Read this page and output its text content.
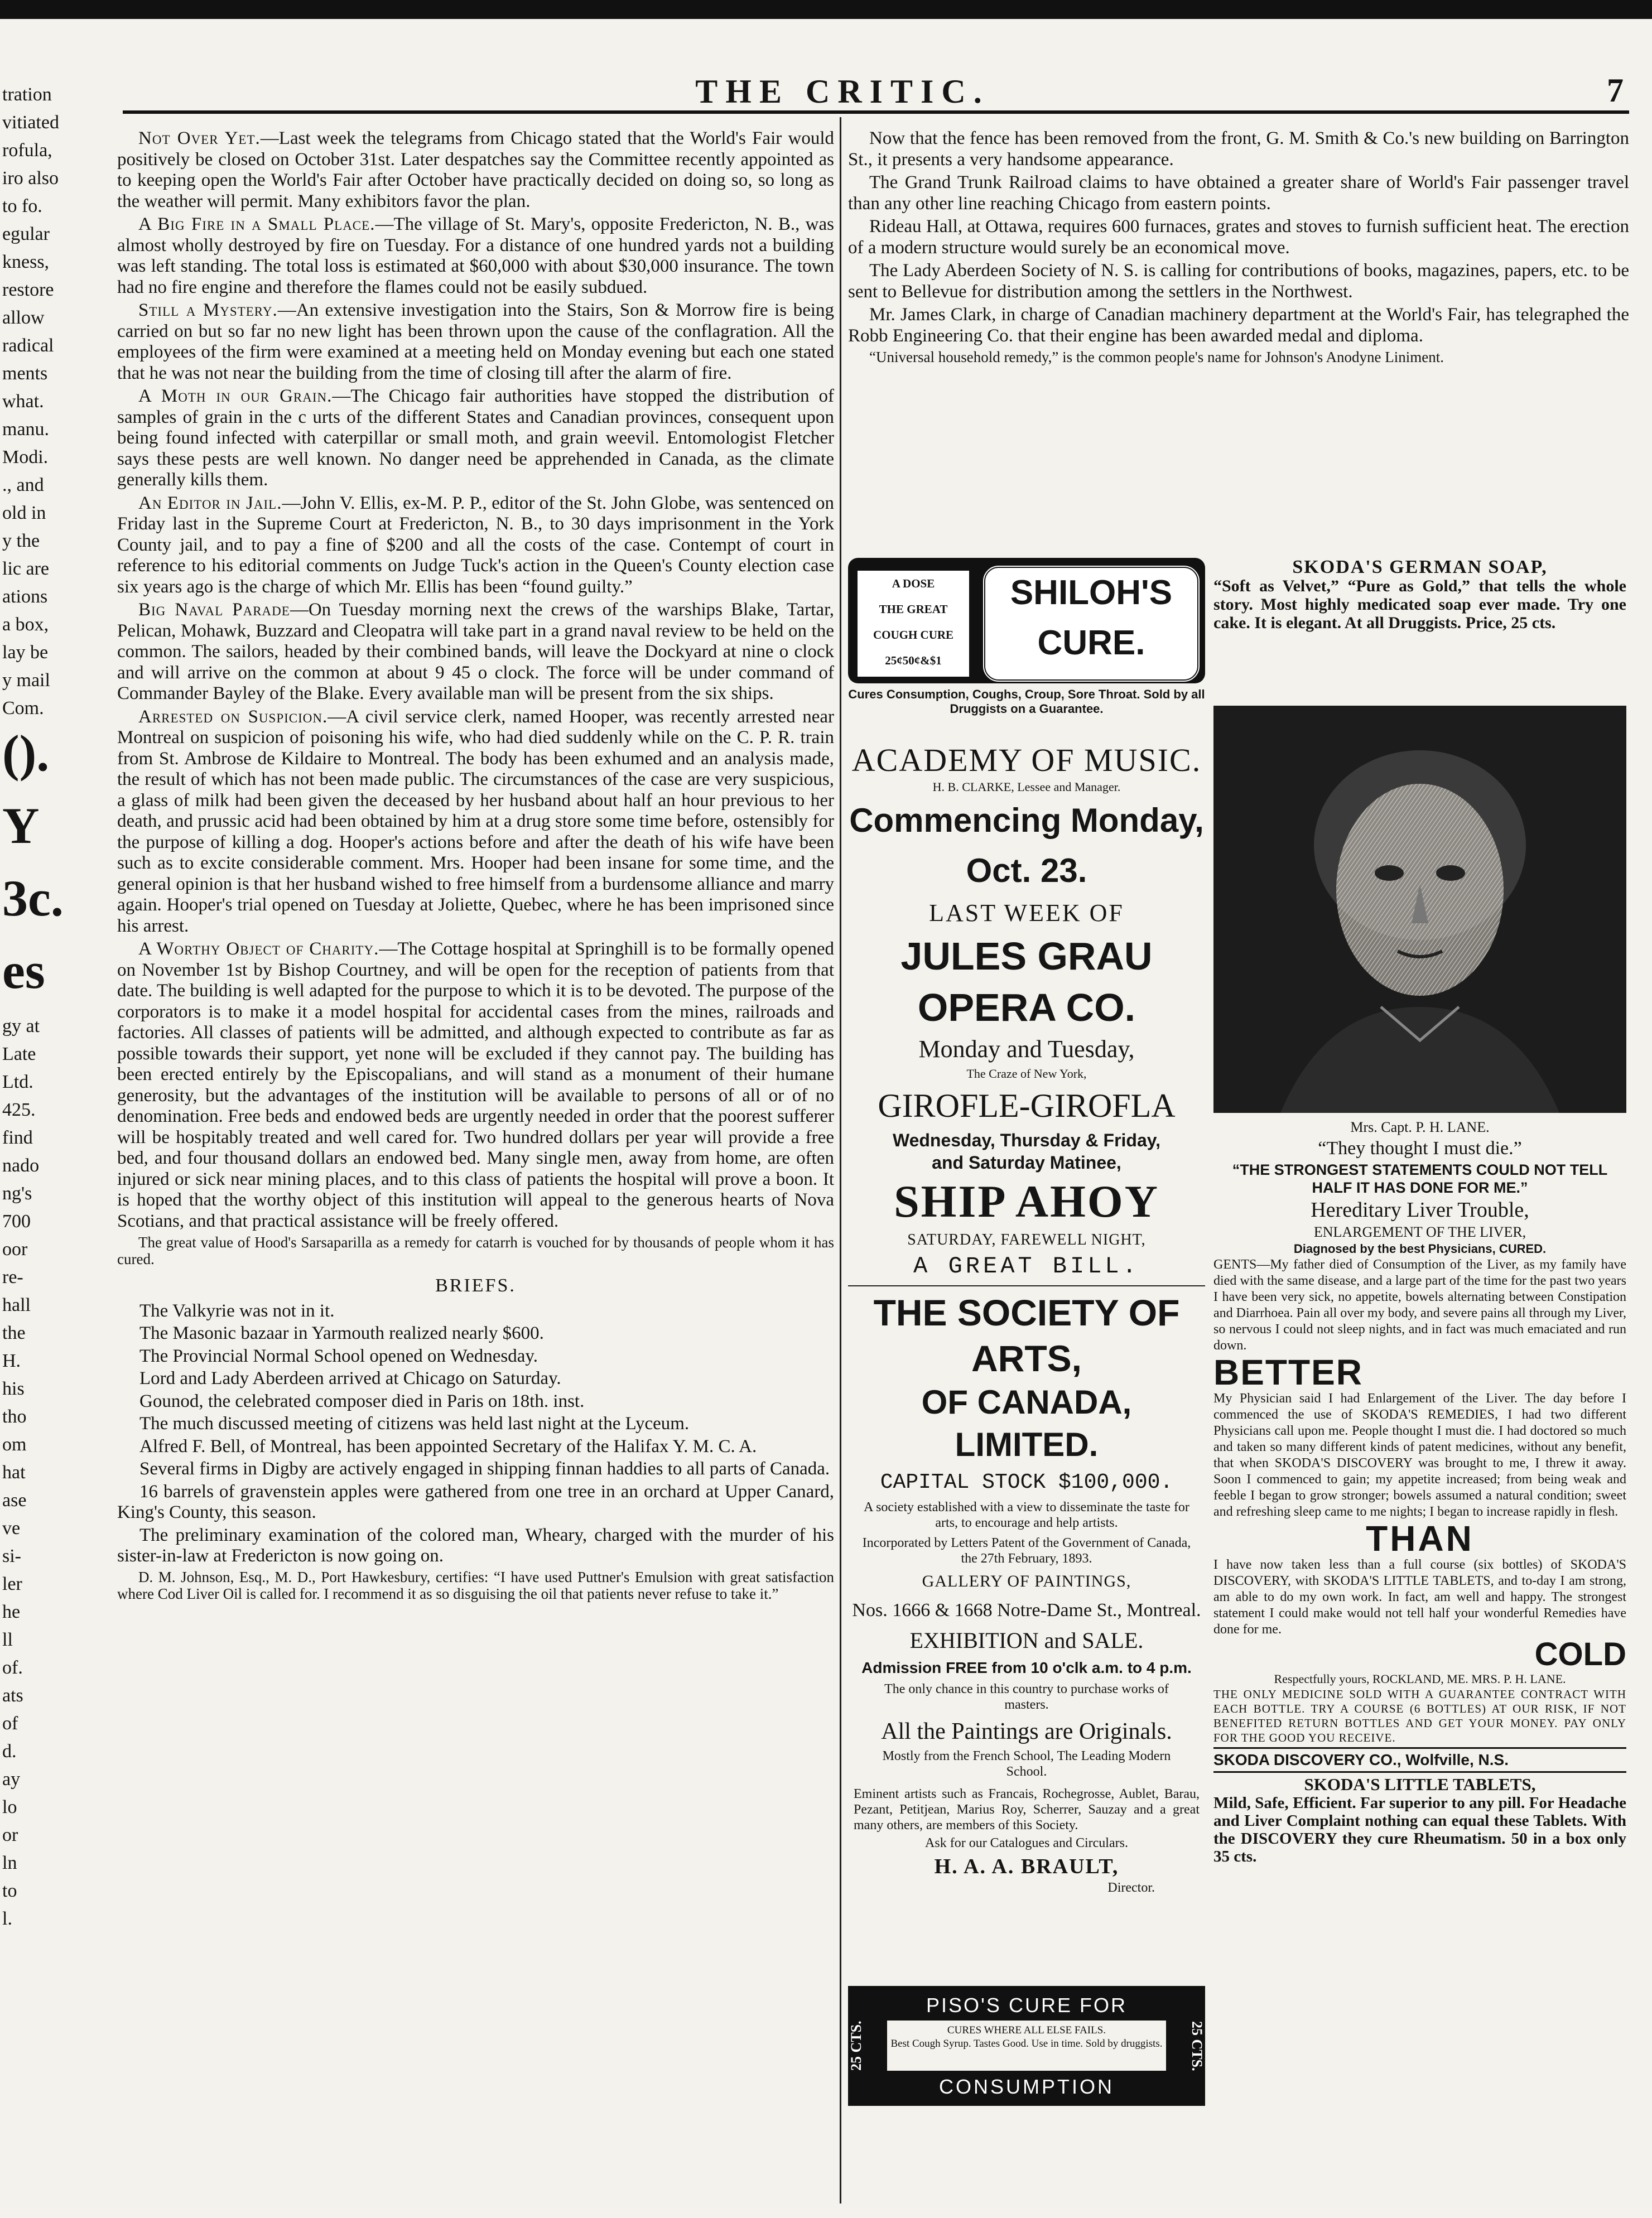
THE CRITIC.	7
tration
vitiated
rofula,
iro also
to fo.
egular
kness,
restore
allow
radical
ments
what.
manu.
Modi.
., and
old in
y the
lic are
ations
a box,
lay be
y mail
Com.
().
Y
3c.
es
gy at
Late
Ltd.
425.
find
nado
ng's
700
oor
re-
hall
the
H.
his
tho
om
hat
ase
ve
si-
ler
he
ll
of.
ats
of
d.
ay
lo
or
ln
to
l.

Not Over Yet.—Last week the telegrams from Chicago stated that the World's Fair would positively be closed on October 31st. Later despatches say the Committee recently appointed as to keeping open the World's Fair after October have practically decided on doing so, so long as the weather will permit. Many exhibitors favor the plan.

A Big Fire in a Small Place.—The village of St. Mary's, opposite Fredericton, N. B., was almost wholly destroyed by fire on Tuesday. For a distance of one hundred yards not a building was left standing. The total loss is estimated at $60,000 with about $30,000 insurance. The town had no fire engine and therefore the flames could not be easily subdued.

Still a Mystery.—An extensive investigation into the Stairs, Son & Morrow fire is being carried on but so far no new light has been thrown upon the cause of the conflagration. All the employees of the firm were examined at a meeting held on Monday evening but each one stated that he was not near the building from the time of closing till after the alarm of fire.

A Moth in our Grain.—The Chicago fair authorities have stopped the distribution of samples of grain in the c urts of the different States and Canadian provinces, consequent upon being found infected with caterpillar or small moth, and grain weevil. Entomologist Fletcher says these pests are well known. No danger need be apprehended in Canada, as the climate generally kills them.

An Editor in Jail.—John V. Ellis, ex-M. P. P., editor of the St. John Globe, was sentenced on Friday last in the Supreme Court at Fredericton, N. B., to 30 days imprisonment in the York County jail, and to pay a fine of $200 and all the costs of the case. Contempt of court in reference to his editorial comments on Judge Tuck's action in the Queen's County election case six years ago is the charge of which Mr. Ellis has been “found guilty.”

Big Naval Parade—On Tuesday morning next the crews of the warships Blake, Tartar, Pelican, Mohawk, Buzzard and Cleopatra will take part in a grand naval review to be held on the common. The sailors, headed by their combined bands, will leave the Dockyard at nine o clock and will arrive on the common at about 9 45 o clock. The force will be under command of Commander Bayley of the Blake. Every available man will be present from the six ships.

Arrested on Suspicion.—A civil service clerk, named Hooper, was recently arrested near Montreal on suspicion of poisoning his wife, who had died suddenly while on the C. P. R. train from St. Ambrose de Kildaire to Montreal. The body has been exhumed and an analysis made, the result of which has not been made public. The circumstances of the case are very suspicious, a glass of milk had been given the deceased by her husband about half an hour previous to her death, and prussic acid had been obtained by him at a drug store some time before, ostensibly for the purpose of killing a dog. Hooper's actions before and after the death of his wife have been such as to excite considerable comment. Mrs. Hooper had been insane for some time, and the general opinion is that her husband wished to free himself from a burdensome alliance and marry again. Hooper's trial opened on Tuesday at Joliette, Quebec, where he has been imprisoned since his arrest.

A Worthy Object of Charity.—The Cottage hospital at Springhill is to be formally opened on November 1st by Bishop Courtney, and will be open for the reception of patients from that date. The building is well adapted for the purpose to which it is to be devoted. The purpose of the corporators is to make it a model hospital for accidental cases from the mines, railroads and factories. All classes of patients will be admitted, and although expected to contribute as far as possible towards their support, yet none will be excluded if they cannot pay. The building has been erected entirely by the Episcopalians, and will stand as a monument of their humane generosity, but the advantages of the institution will be available to persons of all or of no denomination. Free beds and endowed beds are urgently needed in order that the poorest sufferer will be hospitably treated and well cared for. Two hundred dollars per year will provide a free bed, and four thousand dollars an endowed bed. Many single men, away from home, are often injured or sick near mining places, and to this class of patients the hospital will prove a boon. It is hoped that the worthy object of this institution will appeal to the generous hearts of Nova Scotians, and that practical assistance will be freely offered.

The great value of Hood's Sarsaparilla as a remedy for catarrh is vouched for by thousands of people whom it has cured.

BRIEFS.

The Valkyrie was not in it.

The Masonic bazaar in Yarmouth realized nearly $600.

The Provincial Normal School opened on Wednesday.

Lord and Lady Aberdeen arrived at Chicago on Saturday.

Gounod, the celebrated composer died in Paris on 18th. inst.

The much discussed meeting of citizens was held last night at the Lyceum.

Alfred F. Bell, of Montreal, has been appointed Secretary of the Halifax Y. M. C. A.

Several firms in Digby are actively engaged in shipping finnan haddies to all parts of Canada.

16 barrels of gravenstein apples were gathered from one tree in an orchard at Upper Canard, King's County, this season.

The preliminary examination of the colored man, Wheary, charged with the murder of his sister-in-law at Fredericton is now going on.

D. M. Johnson, Esq., M. D., Port Hawkesbury, certifies: “I have used Puttner's Emulsion with great satisfaction where Cod Liver Oil is called for. I recommend it as so disguising the oil that patients never refuse to take it.”

Now that the fence has been removed from the front, G. M. Smith & Co.'s new building on Barrington St., it presents a very handsome appearance.

The Grand Trunk Railroad claims to have obtained a greater share of World's Fair passenger travel than any other line reaching Chicago from eastern points.

Rideau Hall, at Ottawa, requires 600 furnaces, grates and stoves to furnish sufficient heat. The erection of a modern structure would surely be an economical move.

The Lady Aberdeen Society of N. S. is calling for contributions of books, magazines, papers, etc. to be sent to Bellevue for distribution among the settlers in the Northwest.

Mr. James Clark, in charge of Canadian machinery department at the World's Fair, has telegraphed the Robb Engineering Co. that their engine has been awarded medal and diploma.

“Universal household remedy,” is the common people's name for Johnson's Anodyne Liniment.

A DOSE
THE GREAT
COUGH CURE
25¢50¢&$1
SHILOH'S
CURE.
Cures Consumption, Coughs, Croup, Sore Throat. Sold by all Druggists on a Guarantee.
ACADEMY OF MUSIC.
H. B. CLARKE, Lessee and Manager.
Commencing Monday, Oct. 23.
LAST WEEK OF
JULES GRAU OPERA CO.
Monday and Tuesday,
The Craze of New York,
GIROFLE-GIROFLA
Wednesday, Thursday & Friday,
and Saturday Matinee,
SHIP AHOY
SATURDAY, FAREWELL NIGHT,
A GREAT BILL.
THE SOCIETY OF ARTS,
OF CANADA, LIMITED.
CAPITAL STOCK $100,000.
A society established with a view to disseminate the taste for arts, to encourage and help artists.
Incorporated by Letters Patent of the Government of Canada, the 27th February, 1893.
GALLERY OF PAINTINGS,
Nos. 1666 & 1668 Notre-Dame St., Montreal.
EXHIBITION and SALE.
Admission FREE from 10 o'clk a.m. to 4 p.m.
The only chance in this country to purchase works of masters.
All the Paintings are Originals.
Mostly from the French School, The Leading Modern School.
Eminent artists such as Francais, Rochegrosse, Aublet, Barau, Pezant, Petitjean, Marius Roy, Scherrer, Sauzay and a great many others, are members of this Society.
Ask for our Catalogues and Circulars.
H. A. A. BRAULT,
Director.
25 CTS.	25 CTS.
PISO'S CURE FOR
CURES WHERE ALL ELSE FAILS.
Best Cough Syrup. Tastes Good. Use in time. Sold by druggists.
CONSUMPTION
SKODA'S GERMAN SOAP,
“Soft as Velvet,” “Pure as Gold,” that tells the whole story. Most highly medicated soap ever made. Try one cake. It is elegant. At all Druggists. Price, 25 cts.
Mrs. Capt. P. H. LANE.
“They thought I must die.”
“THE STRONGEST STATEMENTS COULD NOT TELL HALF IT HAS DONE FOR ME.”
Hereditary Liver Trouble,
ENLARGEMENT OF THE LIVER,
Diagnosed by the best Physicians, CURED.
GENTS—My father died of Consumption of the Liver, as my family have died with the same disease, and a large part of the time for the past two years I have been very sick, no appetite, bowels alternating between Constipation and Diarrhoea. Pain all over my body, and severe pains all through my Liver, so nervous I could not sleep nights, and in fact was much emaciated and run down.
BETTER
My Physician said I had Enlargement of the Liver. The day before I commenced the use of SKODA'S REMEDIES, I had two different Physicians call upon me. People thought I must die. I had doctored so much and taken so many different kinds of patent medicines, without any benefit, that when SKODA'S DISCOVERY was brought to me, I threw it away. Soon I commenced to gain; my appetite increased; from being weak and feeble I began to grow stronger; bowels assumed a natural condition; sweet and refreshing sleep came to me nights; I began to increase rapidly in flesh.
THAN
I have now taken less than a full course (six bottles) of SKODA'S DISCOVERY, with SKODA'S LITTLE TABLETS, and to-day I am strong, am able to do my own work. In fact, am well and happy. The strongest statement I could make would not tell half your wonderful Remedies have done for me.
COLD
Respectfully yours, ROCKLAND, ME. MRS. P. H. LANE.
THE ONLY MEDICINE SOLD WITH A GUARANTEE CONTRACT WITH EACH BOTTLE. TRY A COURSE (6 BOTTLES) AT OUR RISK, IF NOT BENEFITED RETURN BOTTLES AND GET YOUR MONEY. PAY ONLY FOR THE GOOD YOU RECEIVE.
SKODA DISCOVERY CO., Wolfville, N.S.
SKODA'S LITTLE TABLETS,
Mild, Safe, Efficient. Far superior to any pill. For Headache and Liver Complaint nothing can equal these Tablets. With the DISCOVERY they cure Rheumatism. 50 in a box only 35 cts.
